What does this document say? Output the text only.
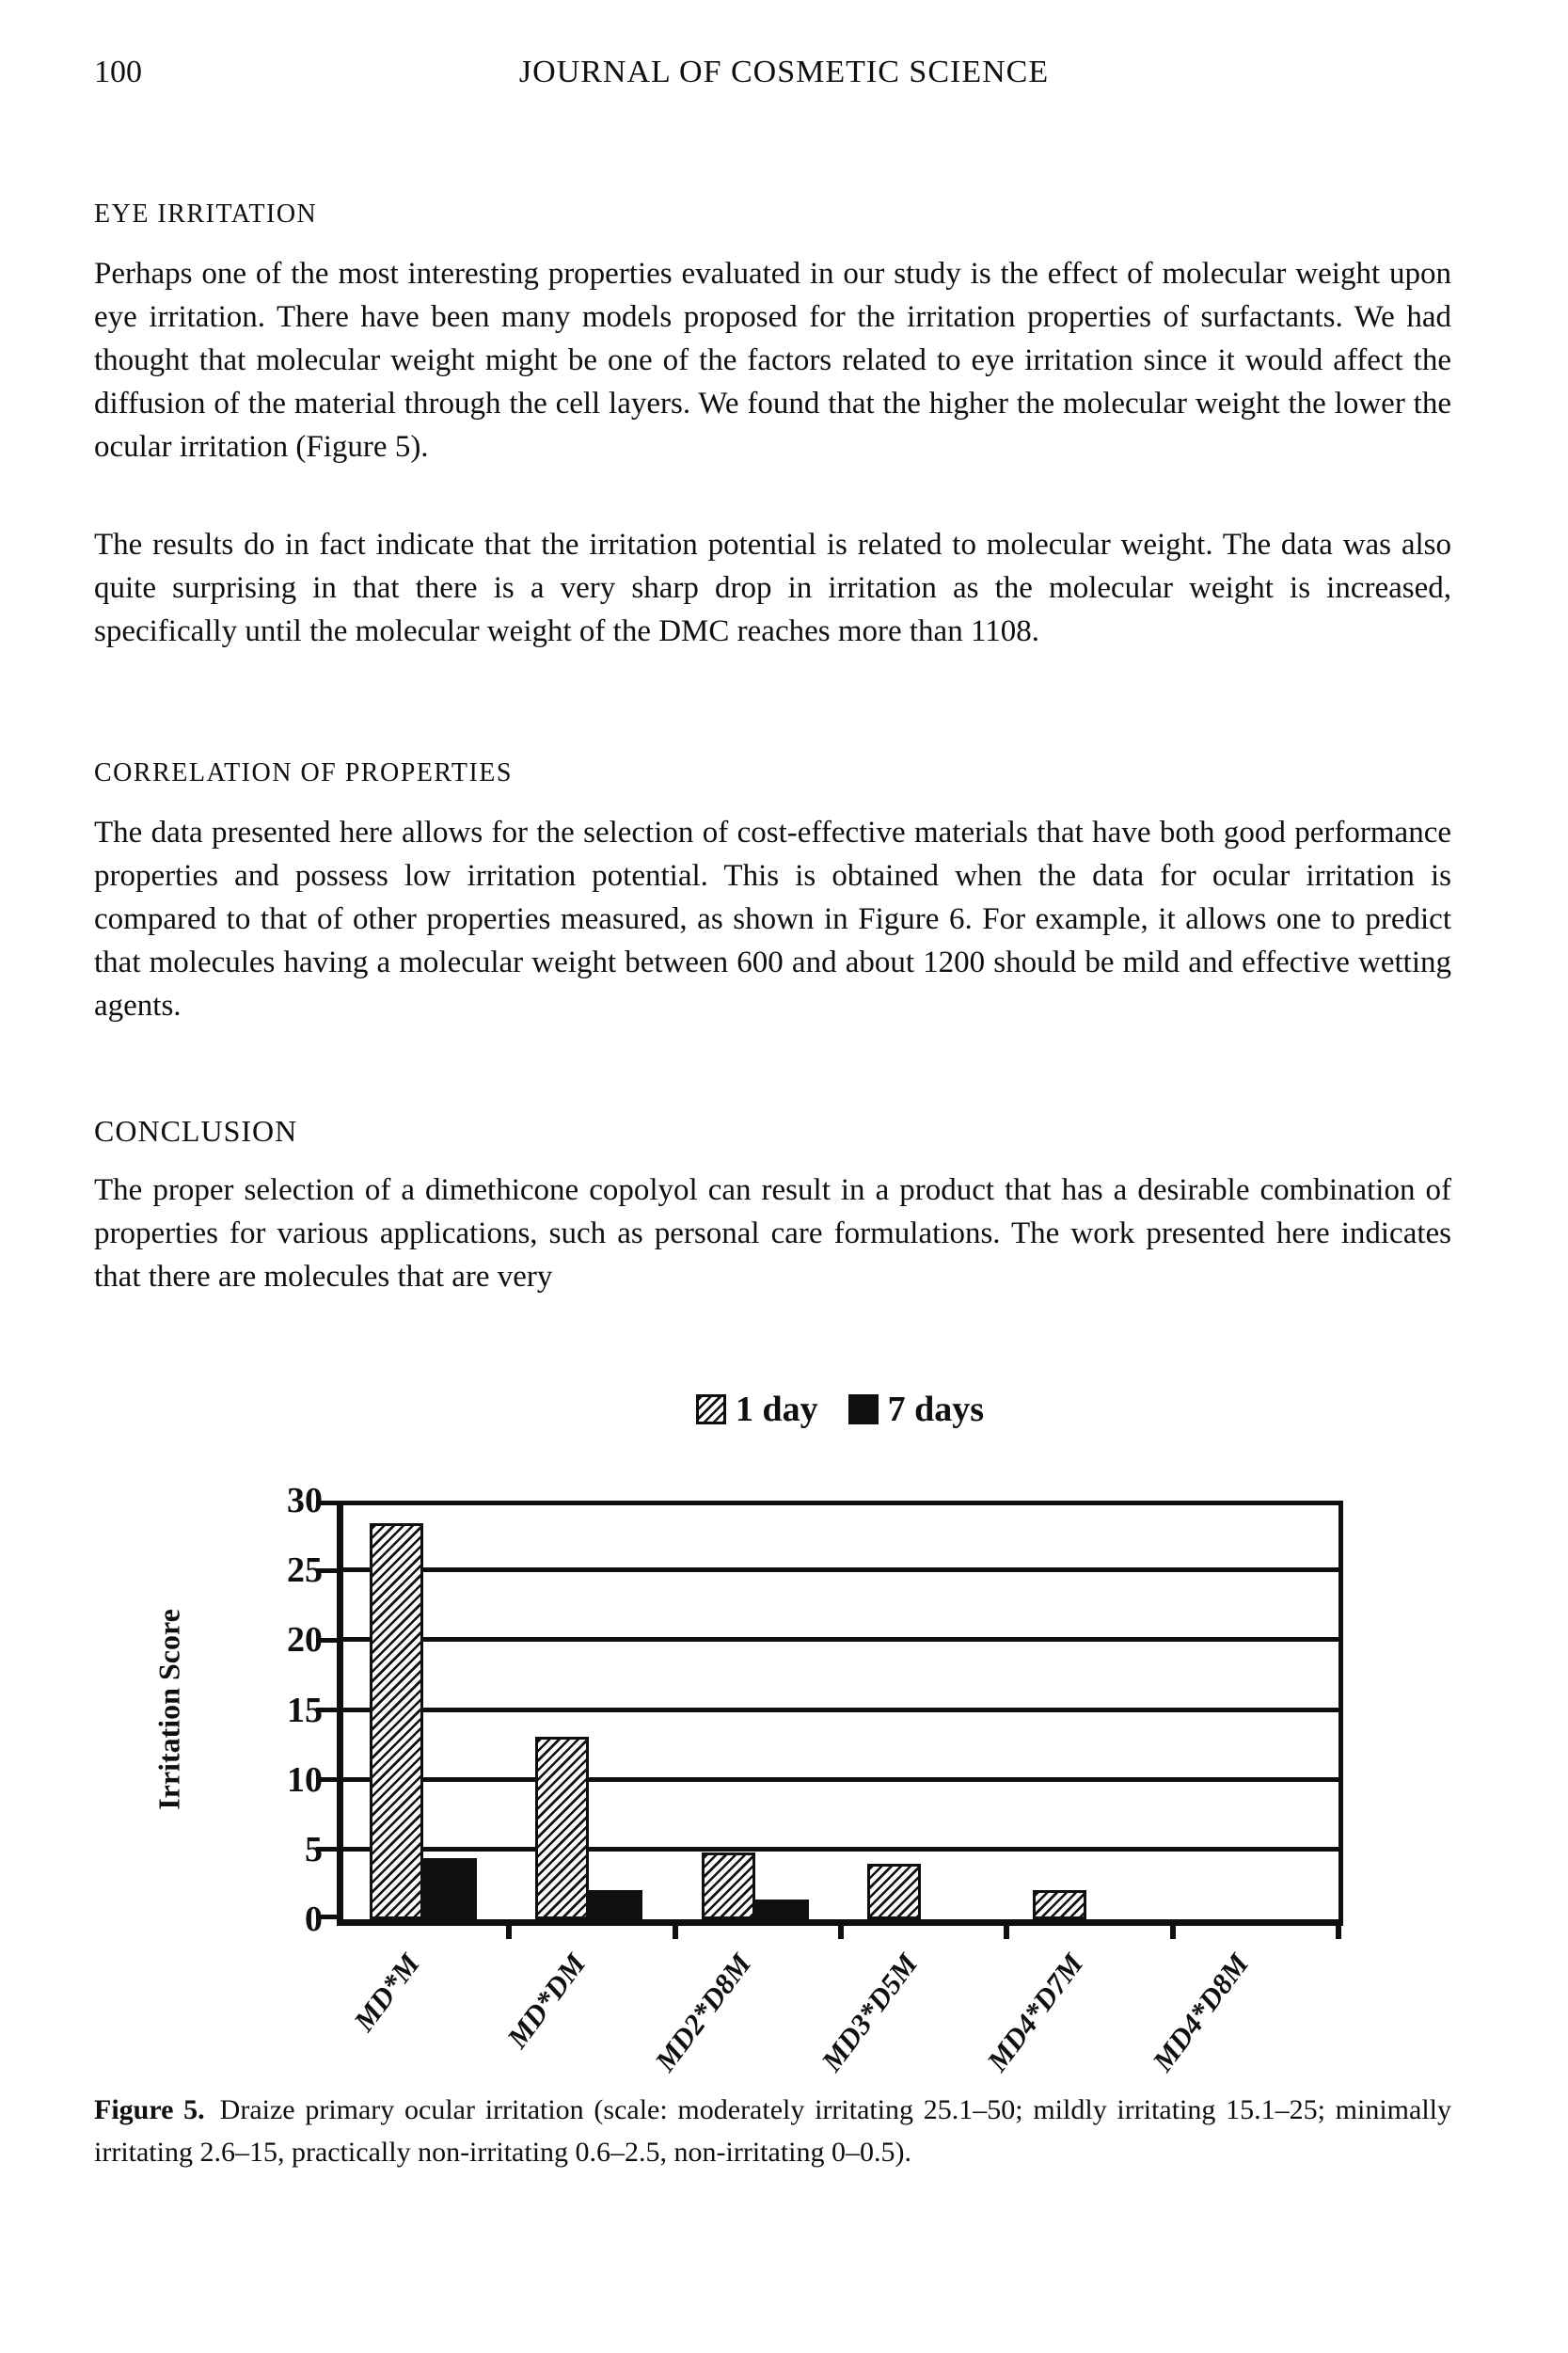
100	JOURNAL OF COSMETIC SCIENCE
EYE IRRITATION

Perhaps one of the most interesting properties evaluated in our study is the effect of molecular weight upon eye irritation. There have been many models proposed for the irritation properties of surfactants. We had thought that molecular weight might be one of the factors related to eye irritation since it would affect the diffusion of the material through the cell layers. We found that the higher the molecular weight the lower the ocular irritation (Figure 5).

The results do in fact indicate that the irritation potential is related to molecular weight. The data was also quite surprising in that there is a very sharp drop in irritation as the molecular weight is increased, specifically until the molecular weight of the DMC reaches more than 1108.

CORRELATION OF PROPERTIES

The data presented here allows for the selection of cost-effective materials that have both good performance properties and possess low irritation potential. This is obtained when the data for ocular irritation is compared to that of other properties measured, as shown in Figure 6. For example, it allows one to predict that molecules having a molecular weight between 600 and about 1200 should be mild and effective wetting agents.

CONCLUSION

The proper selection of a dimethicone copolyol can result in a product that has a desirable combination of properties for various applications, such as personal care formulations. The work presented here indicates that there are molecules that are very

1 day
7 days
Irritation Score
0
5
10
15
20
25
30
MD*M	MD*DM MD2*D8M MD3*D5M MD4*D7M MD4*D8M

Figure 5. Draize primary ocular irritation (scale: moderately irritating 25.1–50; mildly irritating 15.1–25; minimally irritating 2.6–15, practically non-irritating 0.6–2.5, non-irritating 0–0.5).
